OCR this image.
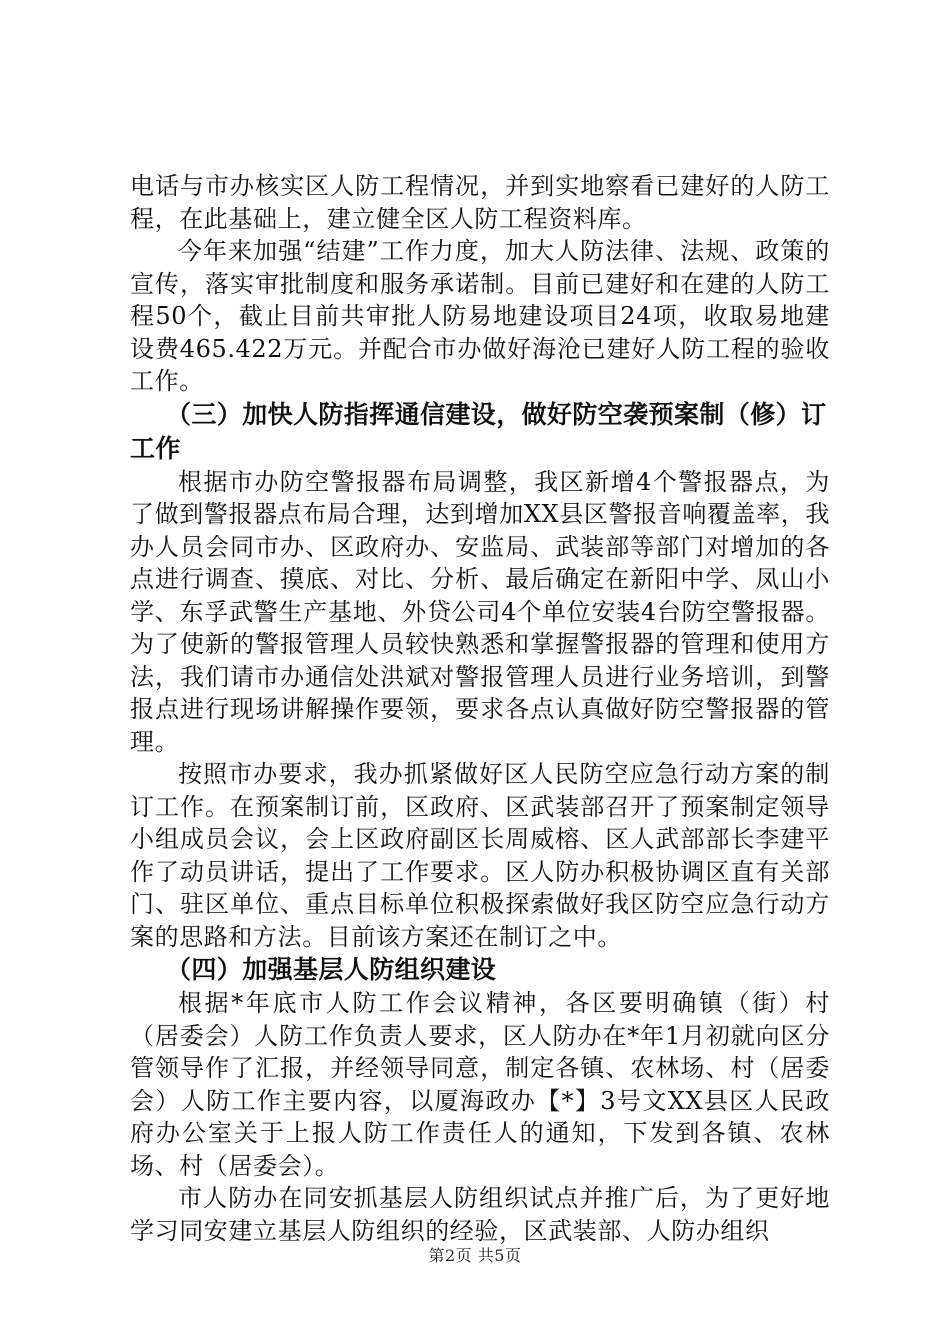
电话与市办核实区人防工程情况，并到实地察看已建好的人防工程，在此基础上，建立健全区人防工程资料库。

今年来加强“结建”工作力度，加大人防法律、法规、政策的宣传，落实审批制度和服务承诺制。目前已建好和在建的人防工程50个，截止目前共审批人防易地建设项目24项，收取易地建设费465.422万元。并配合市办做好海沧已建好人防工程的验收工作。

（三）加快人防指挥通信建设，做好防空袭预案制（修）订工作

根据市办防空警报器布局调整，我区新增4个警报器点，为了做到警报器点布局合理，达到增加XX县区警报音响覆盖率，我办人员会同市办、区政府办、安监局、武装部等部门对增加的各点进行调查、摸底、对比、分析、最后确定在新阳中学、凤山小学、东孚武警生产基地、外贷公司4个单位安装4台防空警报器。为了使新的警报管理人员较快熟悉和掌握警报器的管理和使用方法，我们请市办通信处洪斌对警报管理人员进行业务培训，到警报点进行现场讲解操作要领，要求各点认真做好防空警报器的管理。

按照市办要求，我办抓紧做好区人民防空应急行动方案的制订工作。在预案制订前，区政府、区武装部召开了预案制定领导小组成员会议，会上区政府副区长周威榕、区人武部部长李建平作了动员讲话，提出了工作要求。区人防办积极协调区直有关部门、驻区单位、重点目标单位积极探索做好我区防空应急行动方案的思路和方法。目前该方案还在制订之中。

（四）加强基层人防组织建设

根据*年底市人防工作会议精神，各区要明确镇（街）村（居委会）人防工作负责人要求，区人防办在*年1月初就向区分管领导作了汇报，并经领导同意，制定各镇、农林场、村（居委会）人防工作主要内容，以厦海政办【*】3号文XX县区人民政府办公室关于上报人防工作责任人的通知，下发到各镇、农林场、村（居委会）。

市人防办在同安抓基层人防组织试点并推广后，为了更好地学习同安建立基层人防组织的经验，区武装部、人防办组织

第2页 共5页
